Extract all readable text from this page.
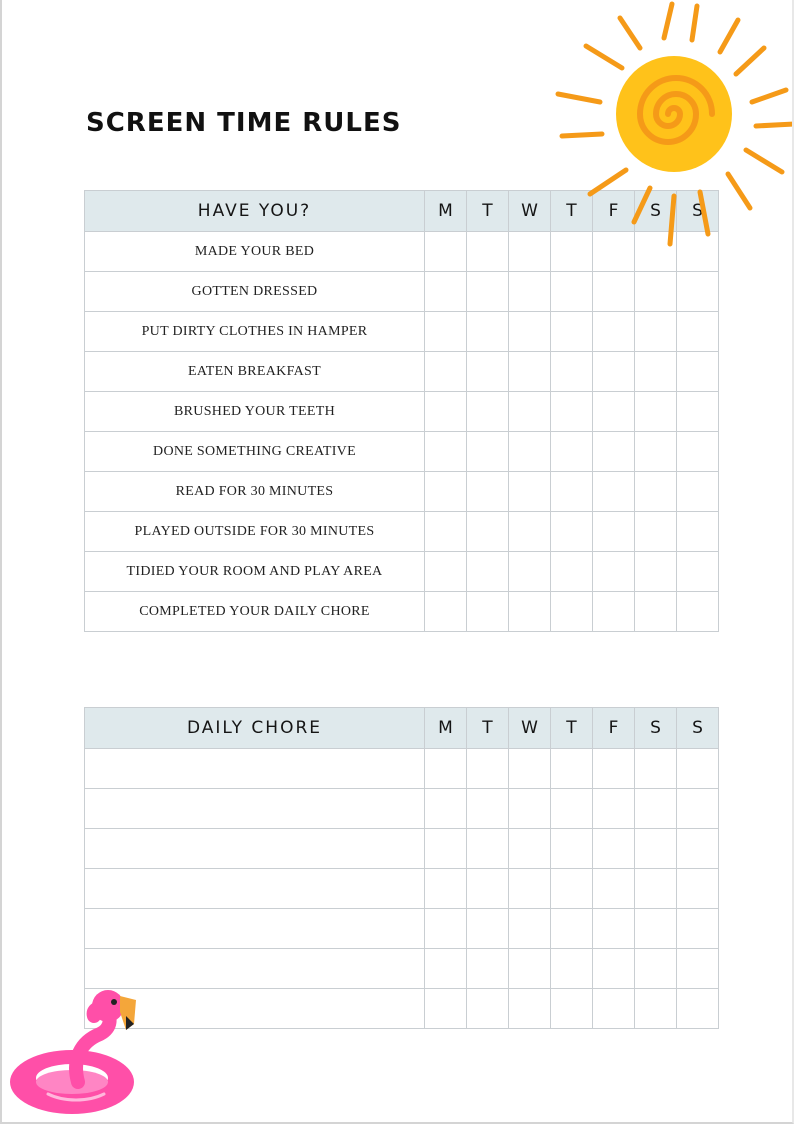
SCREEN TIME RULES
HAVE YOU?	M	T	W	T	F	S	S
MADE YOUR BED							
GOTTEN DRESSED							
PUT DIRTY CLOTHES IN HAMPER							
EATEN BREAKFAST							
BRUSHED YOUR TEETH							
DONE SOMETHING CREATIVE							
READ FOR 30 MINUTES							
PLAYED OUTSIDE FOR 30 MINUTES							
TIDIED YOUR ROOM AND PLAY AREA							
COMPLETED YOUR DAILY CHORE							
DAILY CHORE	M	T	W	T	F	S	S
